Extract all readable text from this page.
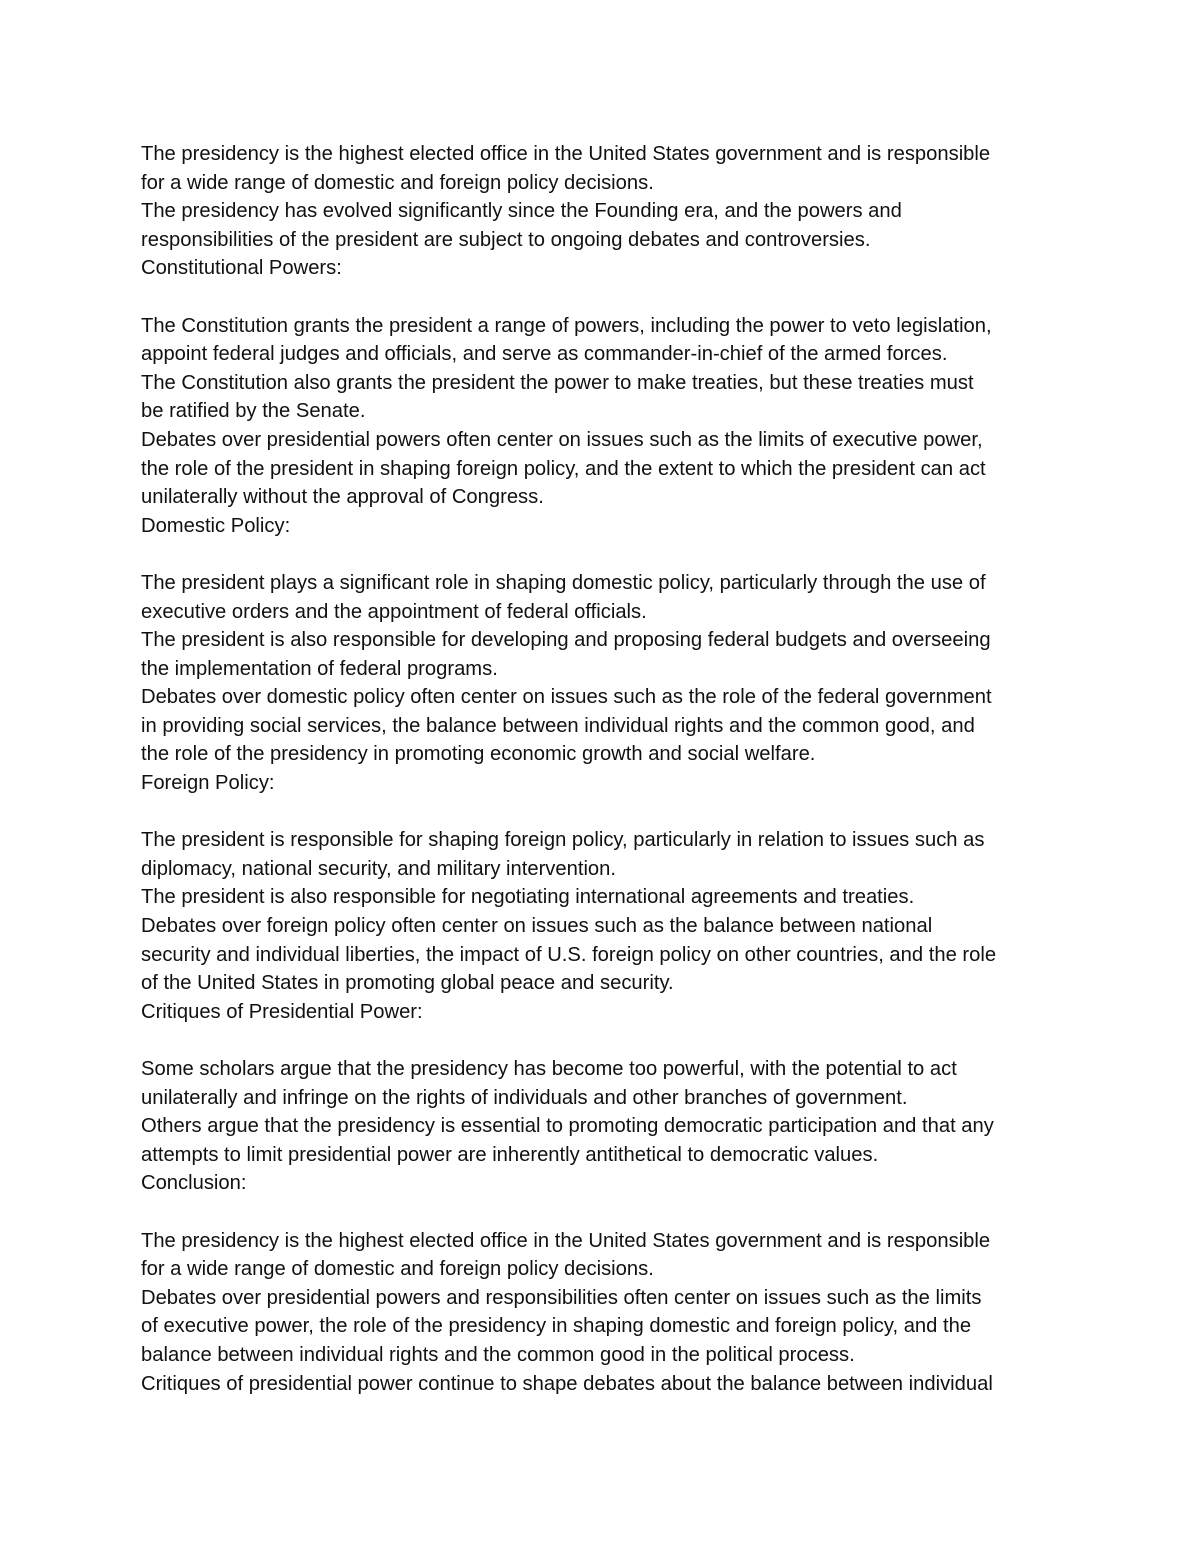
The presidency is the highest elected office in the United States government and is responsible
for a wide range of domestic and foreign policy decisions.
The presidency has evolved significantly since the Founding era, and the powers and
responsibilities of the president are subject to ongoing debates and controversies.
Constitutional Powers:
The Constitution grants the president a range of powers, including the power to veto legislation,
appoint federal judges and officials, and serve as commander-in-chief of the armed forces.
The Constitution also grants the president the power to make treaties, but these treaties must
be ratified by the Senate.
Debates over presidential powers often center on issues such as the limits of executive power,
the role of the president in shaping foreign policy, and the extent to which the president can act
unilaterally without the approval of Congress.
Domestic Policy:
The president plays a significant role in shaping domestic policy, particularly through the use of
executive orders and the appointment of federal officials.
The president is also responsible for developing and proposing federal budgets and overseeing
the implementation of federal programs.
Debates over domestic policy often center on issues such as the role of the federal government
in providing social services, the balance between individual rights and the common good, and
the role of the presidency in promoting economic growth and social welfare.
Foreign Policy:
The president is responsible for shaping foreign policy, particularly in relation to issues such as
diplomacy, national security, and military intervention.
The president is also responsible for negotiating international agreements and treaties.
Debates over foreign policy often center on issues such as the balance between national
security and individual liberties, the impact of U.S. foreign policy on other countries, and the role
of the United States in promoting global peace and security.
Critiques of Presidential Power:
Some scholars argue that the presidency has become too powerful, with the potential to act
unilaterally and infringe on the rights of individuals and other branches of government.
Others argue that the presidency is essential to promoting democratic participation and that any
attempts to limit presidential power are inherently antithetical to democratic values.
Conclusion:
The presidency is the highest elected office in the United States government and is responsible
for a wide range of domestic and foreign policy decisions.
Debates over presidential powers and responsibilities often center on issues such as the limits
of executive power, the role of the presidency in shaping domestic and foreign policy, and the
balance between individual rights and the common good in the political process.
Critiques of presidential power continue to shape debates about the balance between individual
